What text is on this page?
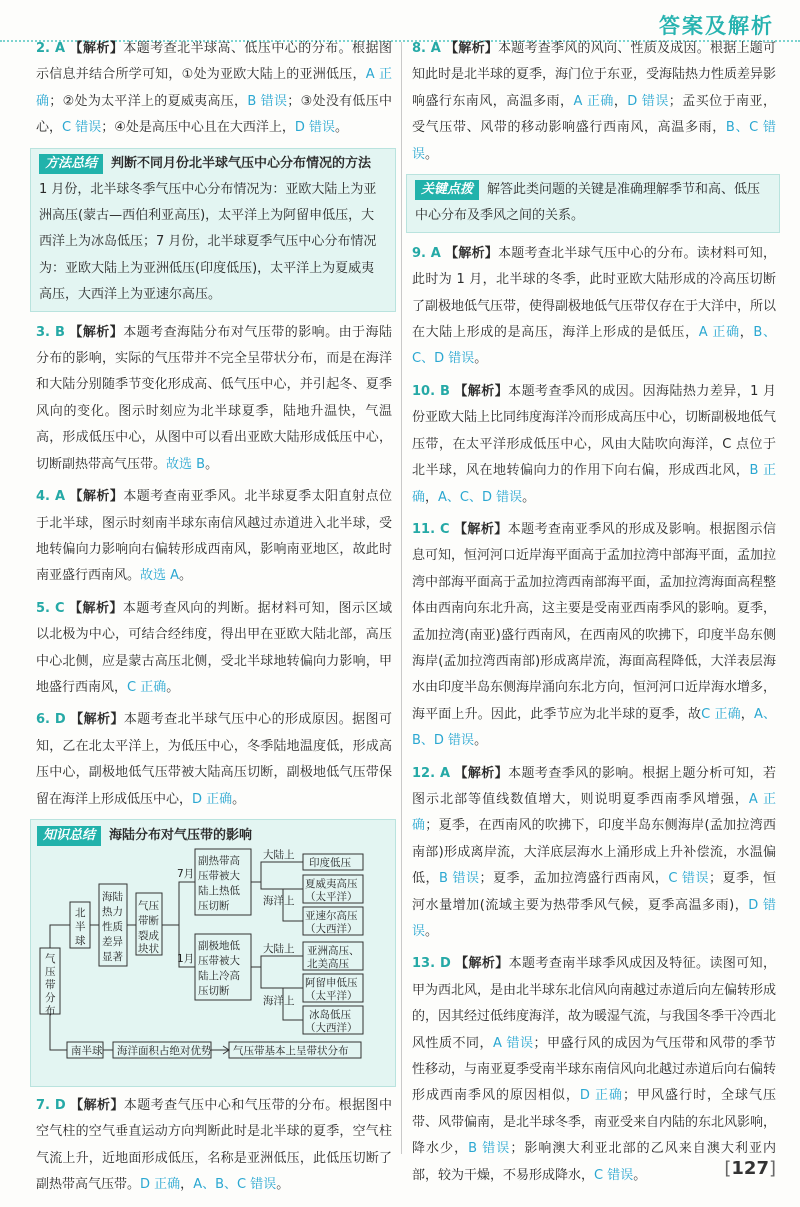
答案及解析

2. A 【解析】本题考查北半球高、低压中心的分布。根据图示信息并结合所学可知，①处为亚欧大陆上的亚洲低压，A 正确；②处为太平洋上的夏威夷高压，B 错误；③处没有低压中心，C 错误；④处是高压中心且在大西洋上，D 错误。

方法总结 判断不同月份北半球气压中心分布情况的方法
1 月份，北半球冬季气压中心分布情况为：亚欧大陆上为亚洲高压(蒙古—西伯利亚高压)，太平洋上为阿留申低压，大西洋上为冰岛低压；7 月份，北半球夏季气压中心分布情况为：亚欧大陆上为亚洲低压(印度低压)，太平洋上为夏威夷高压，大西洋上为亚速尔高压。

3. B 【解析】本题考查海陆分布对气压带的影响。由于海陆分布的影响，实际的气压带并不完全呈带状分布，而是在海洋和大陆分别随季节变化形成高、低气压中心，并引起冬、夏季风向的变化。图示时刻应为北半球夏季，陆地升温快，气温高，形成低压中心，从图中可以看出亚欧大陆形成低压中心，切断副热带高气压带。故选 B。

4. A 【解析】本题考查南亚季风。北半球夏季太阳直射点位于北半球，图示时刻南半球东南信风越过赤道进入北半球，受地转偏向力影响向右偏转形成西南风，影响南亚地区，故此时南亚盛行西南风。故选 A。

5. C 【解析】本题考查风向的判断。据材料可知，图示区域以北极为中心，可结合经纬度，得出甲在亚欧大陆北部，高压中心北侧，应是蒙古高压北侧，受北半球地转偏向力影响，甲地盛行西南风，C 正确。

6. D 【解析】本题考查北半球气压中心的形成原因。据图可知，乙在北太平洋上，为低压中心，冬季陆地温度低，形成高压中心，副极地低气压带被大陆高压切断，副极地低气压带保留在海洋上形成低压中心，D 正确。

知识总结 海陆分布对气压带的影响
气
压
带
分
布
北
半
球
海陆
热力
性质
差异
显著
气压
带断
裂成
块状
7月
1月
副热带高
压带被大
陆上热低
压切断
副极地低
压带被大
陆上冷高
压切断
大陆上
海洋上
大陆上
海洋上
印度低压
夏威夷高压
（太平洋）
亚速尔高压
（大西洋）
亚洲高压、
北美高压
阿留申低压
（太平洋）
冰岛低压
（大西洋）
南半球 海洋面积占绝对优势 气压带基本上呈带状分布

7. D 【解析】本题考查气压中心和气压带的分布。根据图中空气柱的空气垂直运动方向判断此时是北半球的夏季，空气柱气流上升，近地面形成低压，名称是亚洲低压，此低压切断了副热带高气压带。D 正确，A、B、C 错误。

8. A 【解析】本题考查季风的风向、性质及成因。根据上题可知此时是北半球的夏季，海门位于东亚，受海陆热力性质差异影响盛行东南风，高温多雨，A 正确，D 错误；孟买位于南亚，受气压带、风带的移动影响盛行西南风，高温多雨，B、C 错误。

关键点拨 解答此类问题的关键是准确理解季节和高、低压中心分布及季风之间的关系。

9. A 【解析】本题考查北半球气压中心的分布。读材料可知，此时为 1 月，北半球的冬季，此时亚欧大陆形成的冷高压切断了副极地低气压带，使得副极地低气压带仅存在于大洋中，所以在大陆上形成的是高压，海洋上形成的是低压，A 正确，B、C、D 错误。

10. B 【解析】本题考查季风的成因。因海陆热力差异，1 月份亚欧大陆上比同纬度海洋冷而形成高压中心，切断副极地低气压带，在太平洋形成低压中心，风由大陆吹向海洋，C 点位于北半球，风在地转偏向力的作用下向右偏，形成西北风，B 正确，A、C、D 错误。

11. C 【解析】本题考查南亚季风的形成及影响。根据图示信息可知，恒河河口近岸海平面高于孟加拉湾中部海平面，孟加拉湾中部海平面高于孟加拉湾西南部海平面，孟加拉湾海面高程整体由西南向东北升高，这主要是受南亚西南季风的影响。夏季，孟加拉湾(南亚)盛行西南风，在西南风的吹拂下，印度半岛东侧海岸(孟加拉湾西南部)形成离岸流，海面高程降低，大洋表层海水由印度半岛东侧海岸涌向东北方向，恒河河口近岸海水增多，海平面上升。因此，此季节应为北半球的夏季，故C 正确，A、B、D 错误。

12. A 【解析】本题考查季风的影响。根据上题分析可知，若图示北部等值线数值增大，则说明夏季西南季风增强，A 正确；夏季，在西南风的吹拂下，印度半岛东侧海岸(孟加拉湾西南部)形成离岸流，大洋底层海水上涌形成上升补偿流，水温偏低，B 错误；夏季，孟加拉湾盛行西南风，C 错误；夏季，恒河水量增加(流域主要为热带季风气候，夏季高温多雨)，D 错误。

13. D 【解析】本题考查南半球季风成因及特征。读图可知，甲为西北风，是由北半球东北信风向南越过赤道后向左偏转形成的，因其经过低纬度海洋，故为暖湿气流，与我国冬季干冷西北风性质不同，A 错误；甲盛行风的成因为气压带和风带的季节性移动，与南亚夏季受南半球东南信风向北越过赤道后向右偏转形成西南季风的原因相似，D 正确；甲风盛行时，全球气压带、风带偏南，是北半球冬季，南亚受来自内陆的东北风影响，降水少，B 错误；影响澳大利亚北部的乙风来自澳大利亚内部，较为干燥，不易形成降水，C 错误。	[127]
